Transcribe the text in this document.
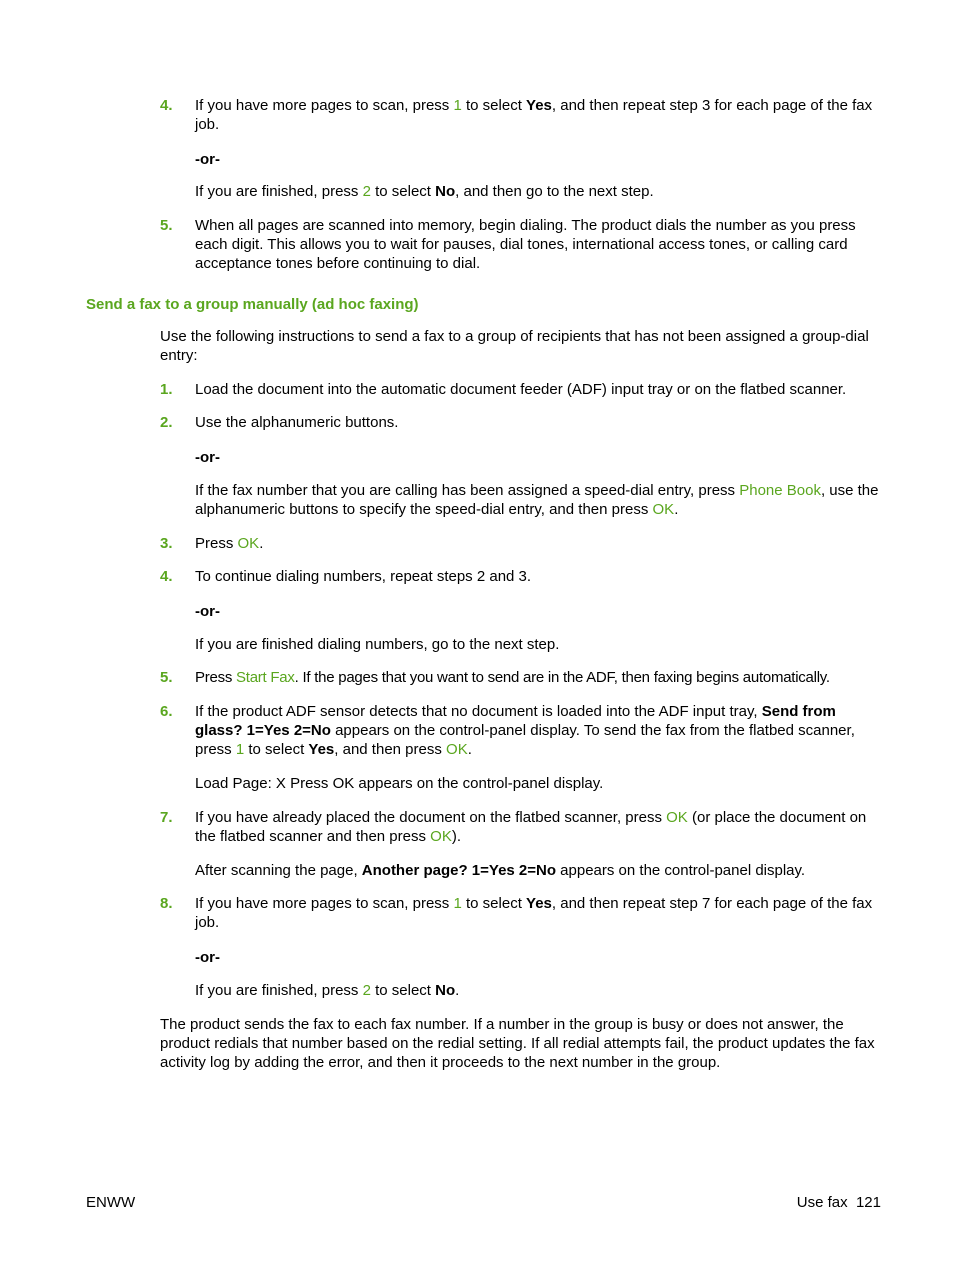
4. If you have more pages to scan, press 1 to select Yes, and then repeat step 3 for each page of the fax job.
-or-
If you are finished, press 2 to select No, and then go to the next step.
5. When all pages are scanned into memory, begin dialing. The product dials the number as you press each digit. This allows you to wait for pauses, dial tones, international access tones, or calling card acceptance tones before continuing to dial.
Send a fax to a group manually (ad hoc faxing)
Use the following instructions to send a fax to a group of recipients that has not been assigned a group-dial entry:
1. Load the document into the automatic document feeder (ADF) input tray or on the flatbed scanner.
2. Use the alphanumeric buttons.
-or-
If the fax number that you are calling has been assigned a speed-dial entry, press Phone Book, use the alphanumeric buttons to specify the speed-dial entry, and then press OK.
3. Press OK.
4. To continue dialing numbers, repeat steps 2 and 3.
-or-
If you are finished dialing numbers, go to the next step.
5. Press Start Fax. If the pages that you want to send are in the ADF, then faxing begins automatically.
6. If the product ADF sensor detects that no document is loaded into the ADF input tray, Send from glass? 1=Yes 2=No appears on the control-panel display. To send the fax from the flatbed scanner, press 1 to select Yes, and then press OK.
Load Page: X Press OK appears on the control-panel display.
7. If you have already placed the document on the flatbed scanner, press OK (or place the document on the flatbed scanner and then press OK).
After scanning the page, Another page? 1=Yes 2=No appears on the control-panel display.
8. If you have more pages to scan, press 1 to select Yes, and then repeat step 7 for each page of the fax job.
-or-
If you are finished, press 2 to select No.
The product sends the fax to each fax number. If a number in the group is busy or does not answer, the product redials that number based on the redial setting. If all redial attempts fail, the product updates the fax activity log by adding the error, and then it proceeds to the next number in the group.
ENWW	Use fax 121
